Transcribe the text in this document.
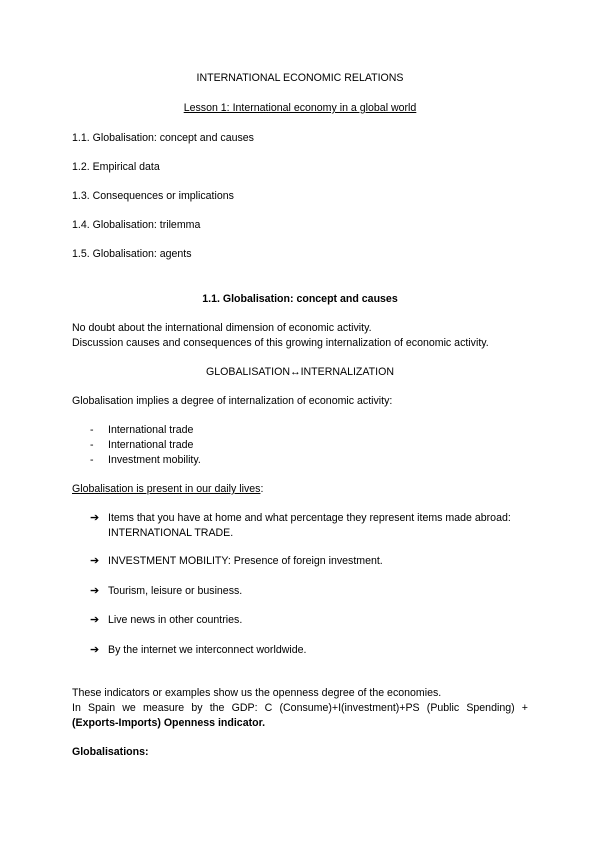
INTERNATIONAL ECONOMIC RELATIONS
Lesson 1: International economy in a global world
1.1. Globalisation: concept and causes
1.2. Empirical data
1.3. Consequences or implications
1.4. Globalisation: trilemma
1.5. Globalisation: agents
1.1. Globalisation: concept and causes
No doubt about the international dimension of economic activity.
Discussion causes and consequences of this growing internalization of economic activity.
GLOBALISATION↔INTERNALIZATION
Globalisation implies a degree of internalization of economic activity:
- International trade
- International trade
- Investment mobility.
Globalisation is present in our daily lives:
➔ Items that you have at home and what percentage they represent items made abroad: INTERNATIONAL TRADE.
➔ INVESTMENT MOBILITY: Presence of foreign investment.
➔ Tourism, leisure or business.
➔ Live news in other countries.
➔ By the internet we interconnect worldwide.
These indicators or examples show us the openness degree of the economies.
In Spain we measure by the GDP: C (Consume)+I(investment)+PS (Public Spending) +
(Exports-Imports) Openness indicator.
Globalisations:
